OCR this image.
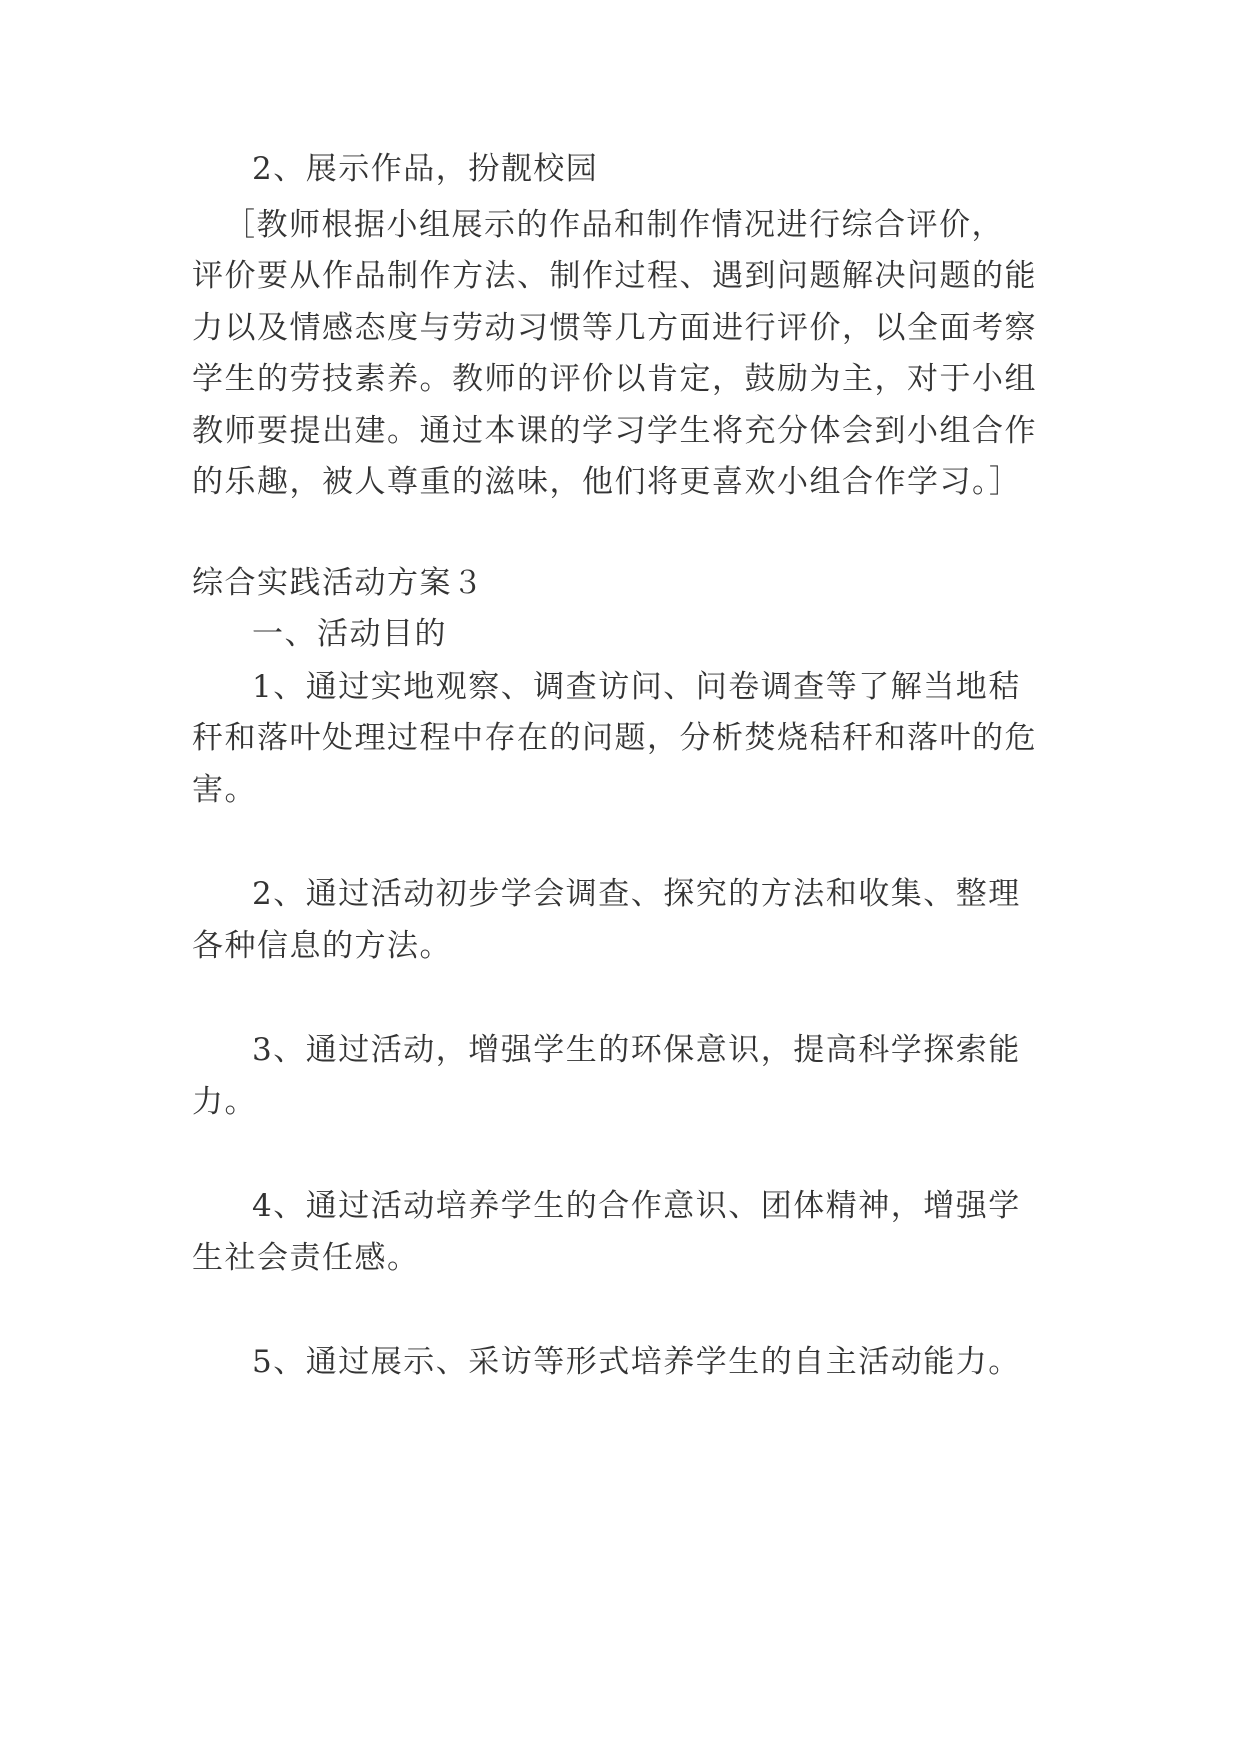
2、展示作品，扮靓校园
［教师根据小组展示的作品和制作情况进行综合评价，
评价要从作品制作方法、制作过程、遇到问题解决问题的能
力以及情感态度与劳动习惯等几方面进行评价，以全面考察
学生的劳技素养。教师的评价以肯定，鼓励为主，对于小组
教师要提出建。通过本课的学习学生将充分体会到小组合作
的乐趣，被人尊重的滋味，他们将更喜欢小组合作学习。］
综合实践活动方案３
一、活动目的
1、通过实地观察、调查访问、问卷调查等了解当地秸
秆和落叶处理过程中存在的问题，分析焚烧秸秆和落叶的危
害。
2、通过活动初步学会调查、探究的方法和收集、整理
各种信息的方法。
3、通过活动，增强学生的环保意识，提高科学探索能
力。
4、通过活动培养学生的合作意识、团体精神，增强学
生社会责任感。
5、通过展示、采访等形式培养学生的自主活动能力。
